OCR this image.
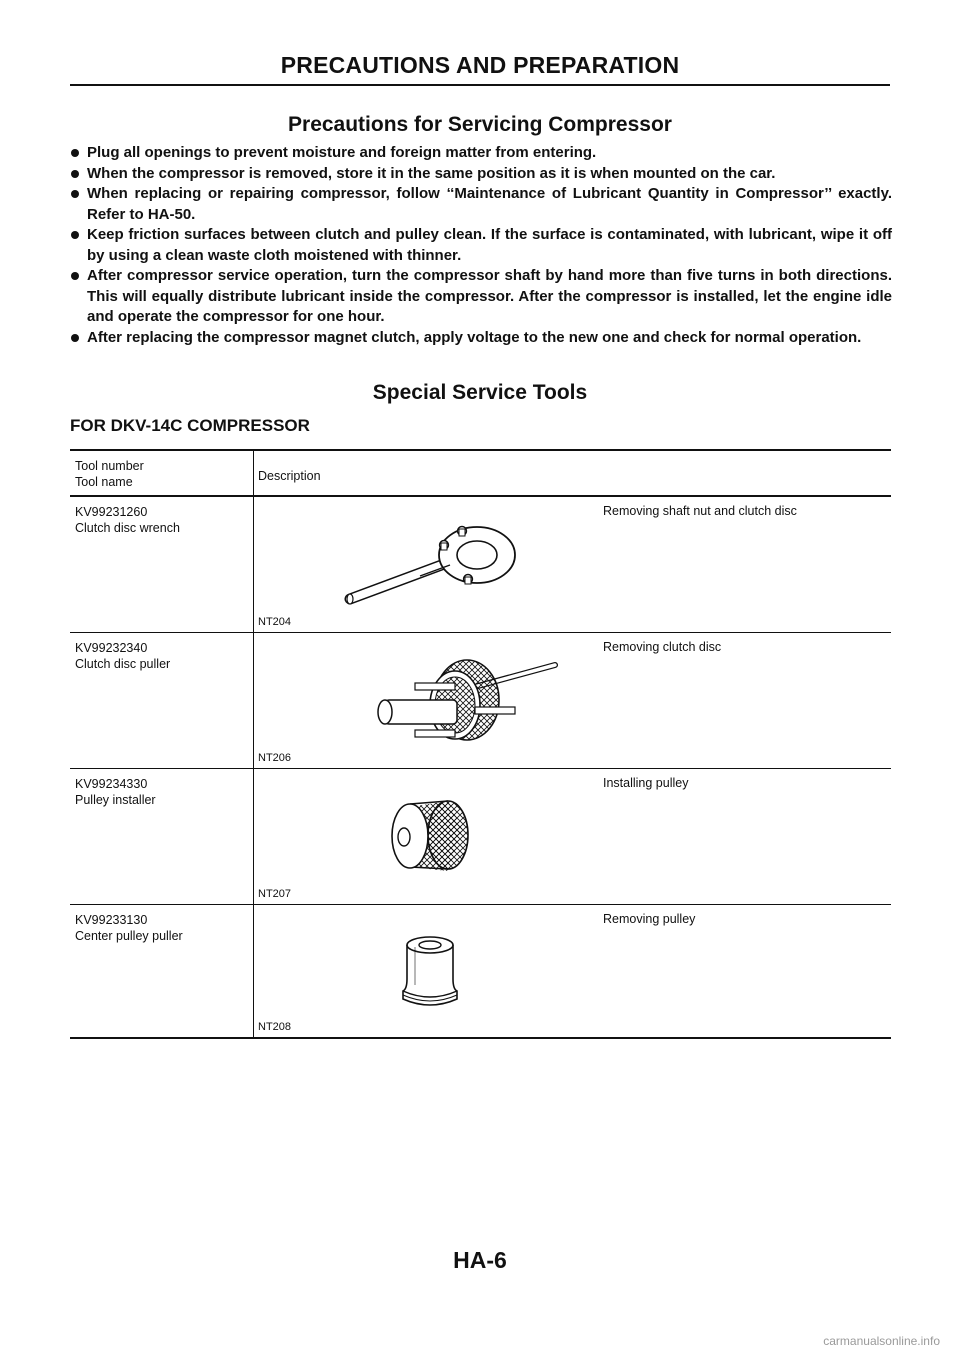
PRECAUTIONS AND PREPARATION
Precautions for Servicing Compressor
Plug all openings to prevent moisture and foreign matter from entering.
When the compressor is removed, store it in the same position as it is when mounted on the car.
When replacing or repairing compressor, follow ‘‘Maintenance of Lubricant Quantity in Compressor’’ exactly. Refer to HA-50.
Keep friction surfaces between clutch and pulley clean. If the surface is contaminated, with lubricant, wipe it off by using a clean waste cloth moistened with thinner.
After compressor service operation, turn the compressor shaft by hand more than five turns in both directions. This will equally distribute lubricant inside the compressor. After the compressor is installed, let the engine idle and operate the compressor for one hour.
After replacing the compressor magnet clutch, apply voltage to the new one and check for normal operation.
Special Service Tools
FOR DKV-14C COMPRESSOR
Tool number
Tool name	Description
KV99231260
Clutch disc wrench
Removing shaft nut and clutch disc
NT204
KV99232340
Clutch disc puller
Removing clutch disc
NT206
KV99234330
Pulley installer
Installing pulley
NT207
KV99233130
Center pulley puller
Removing pulley
NT208
HA-6
carmanualsonline.info
